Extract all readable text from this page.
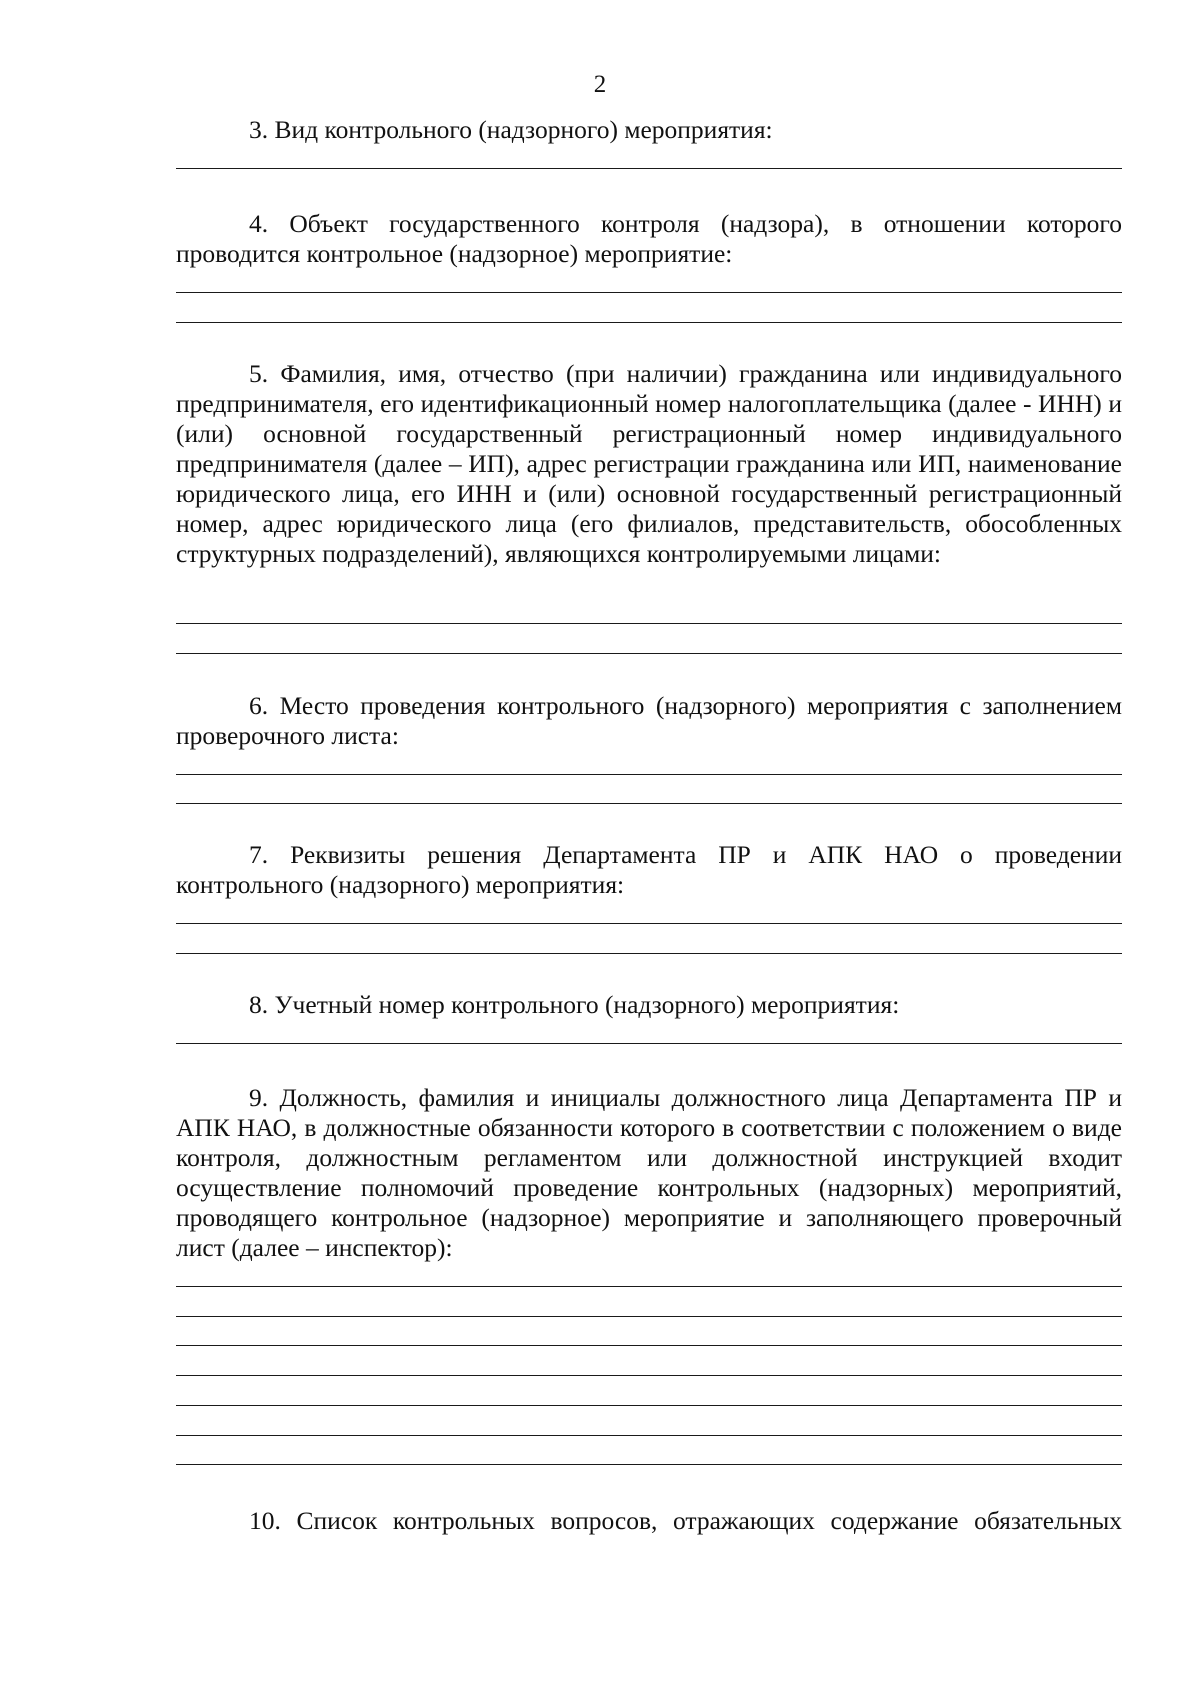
2

3. Вид контрольного (надзорного) мероприятия:

4. Объект государственного контроля (надзора), в отношении которого проводится контрольное (надзорное) мероприятие:

5. Фамилия, имя, отчество (при наличии) гражданина или индивидуального предпринимателя, его идентификационный номер налогоплательщика (далее - ИНН) и (или) основной государственный регистрационный номер индивидуального предпринимателя (далее – ИП), адрес регистрации гражданина или ИП, наименование юридического лица, его ИНН и (или) основной государственный регистрационный номер, адрес юридического лица (его филиалов, представительств, обособленных структурных подразделений), являющихся контролируемыми лицами:

6. Место проведения контрольного (надзорного) мероприятия с заполнением проверочного листа:

7. Реквизиты решения Департамента ПР и АПК НАО о проведении контрольного (надзорного) мероприятия:

8. Учетный номер контрольного (надзорного) мероприятия:

9. Должность, фамилия и инициалы должностного лица Департамента ПР и АПК НАО, в должностные обязанности которого в соответствии с положением о виде контроля, должностным регламентом или должностной инструкцией входит осуществление полномочий проведение контрольных (надзорных) мероприятий, проводящего контрольное (надзорное) мероприятие и заполняющего проверочный лист (далее – инспектор):

10. Список контрольных вопросов, отражающих содержание обязательных
